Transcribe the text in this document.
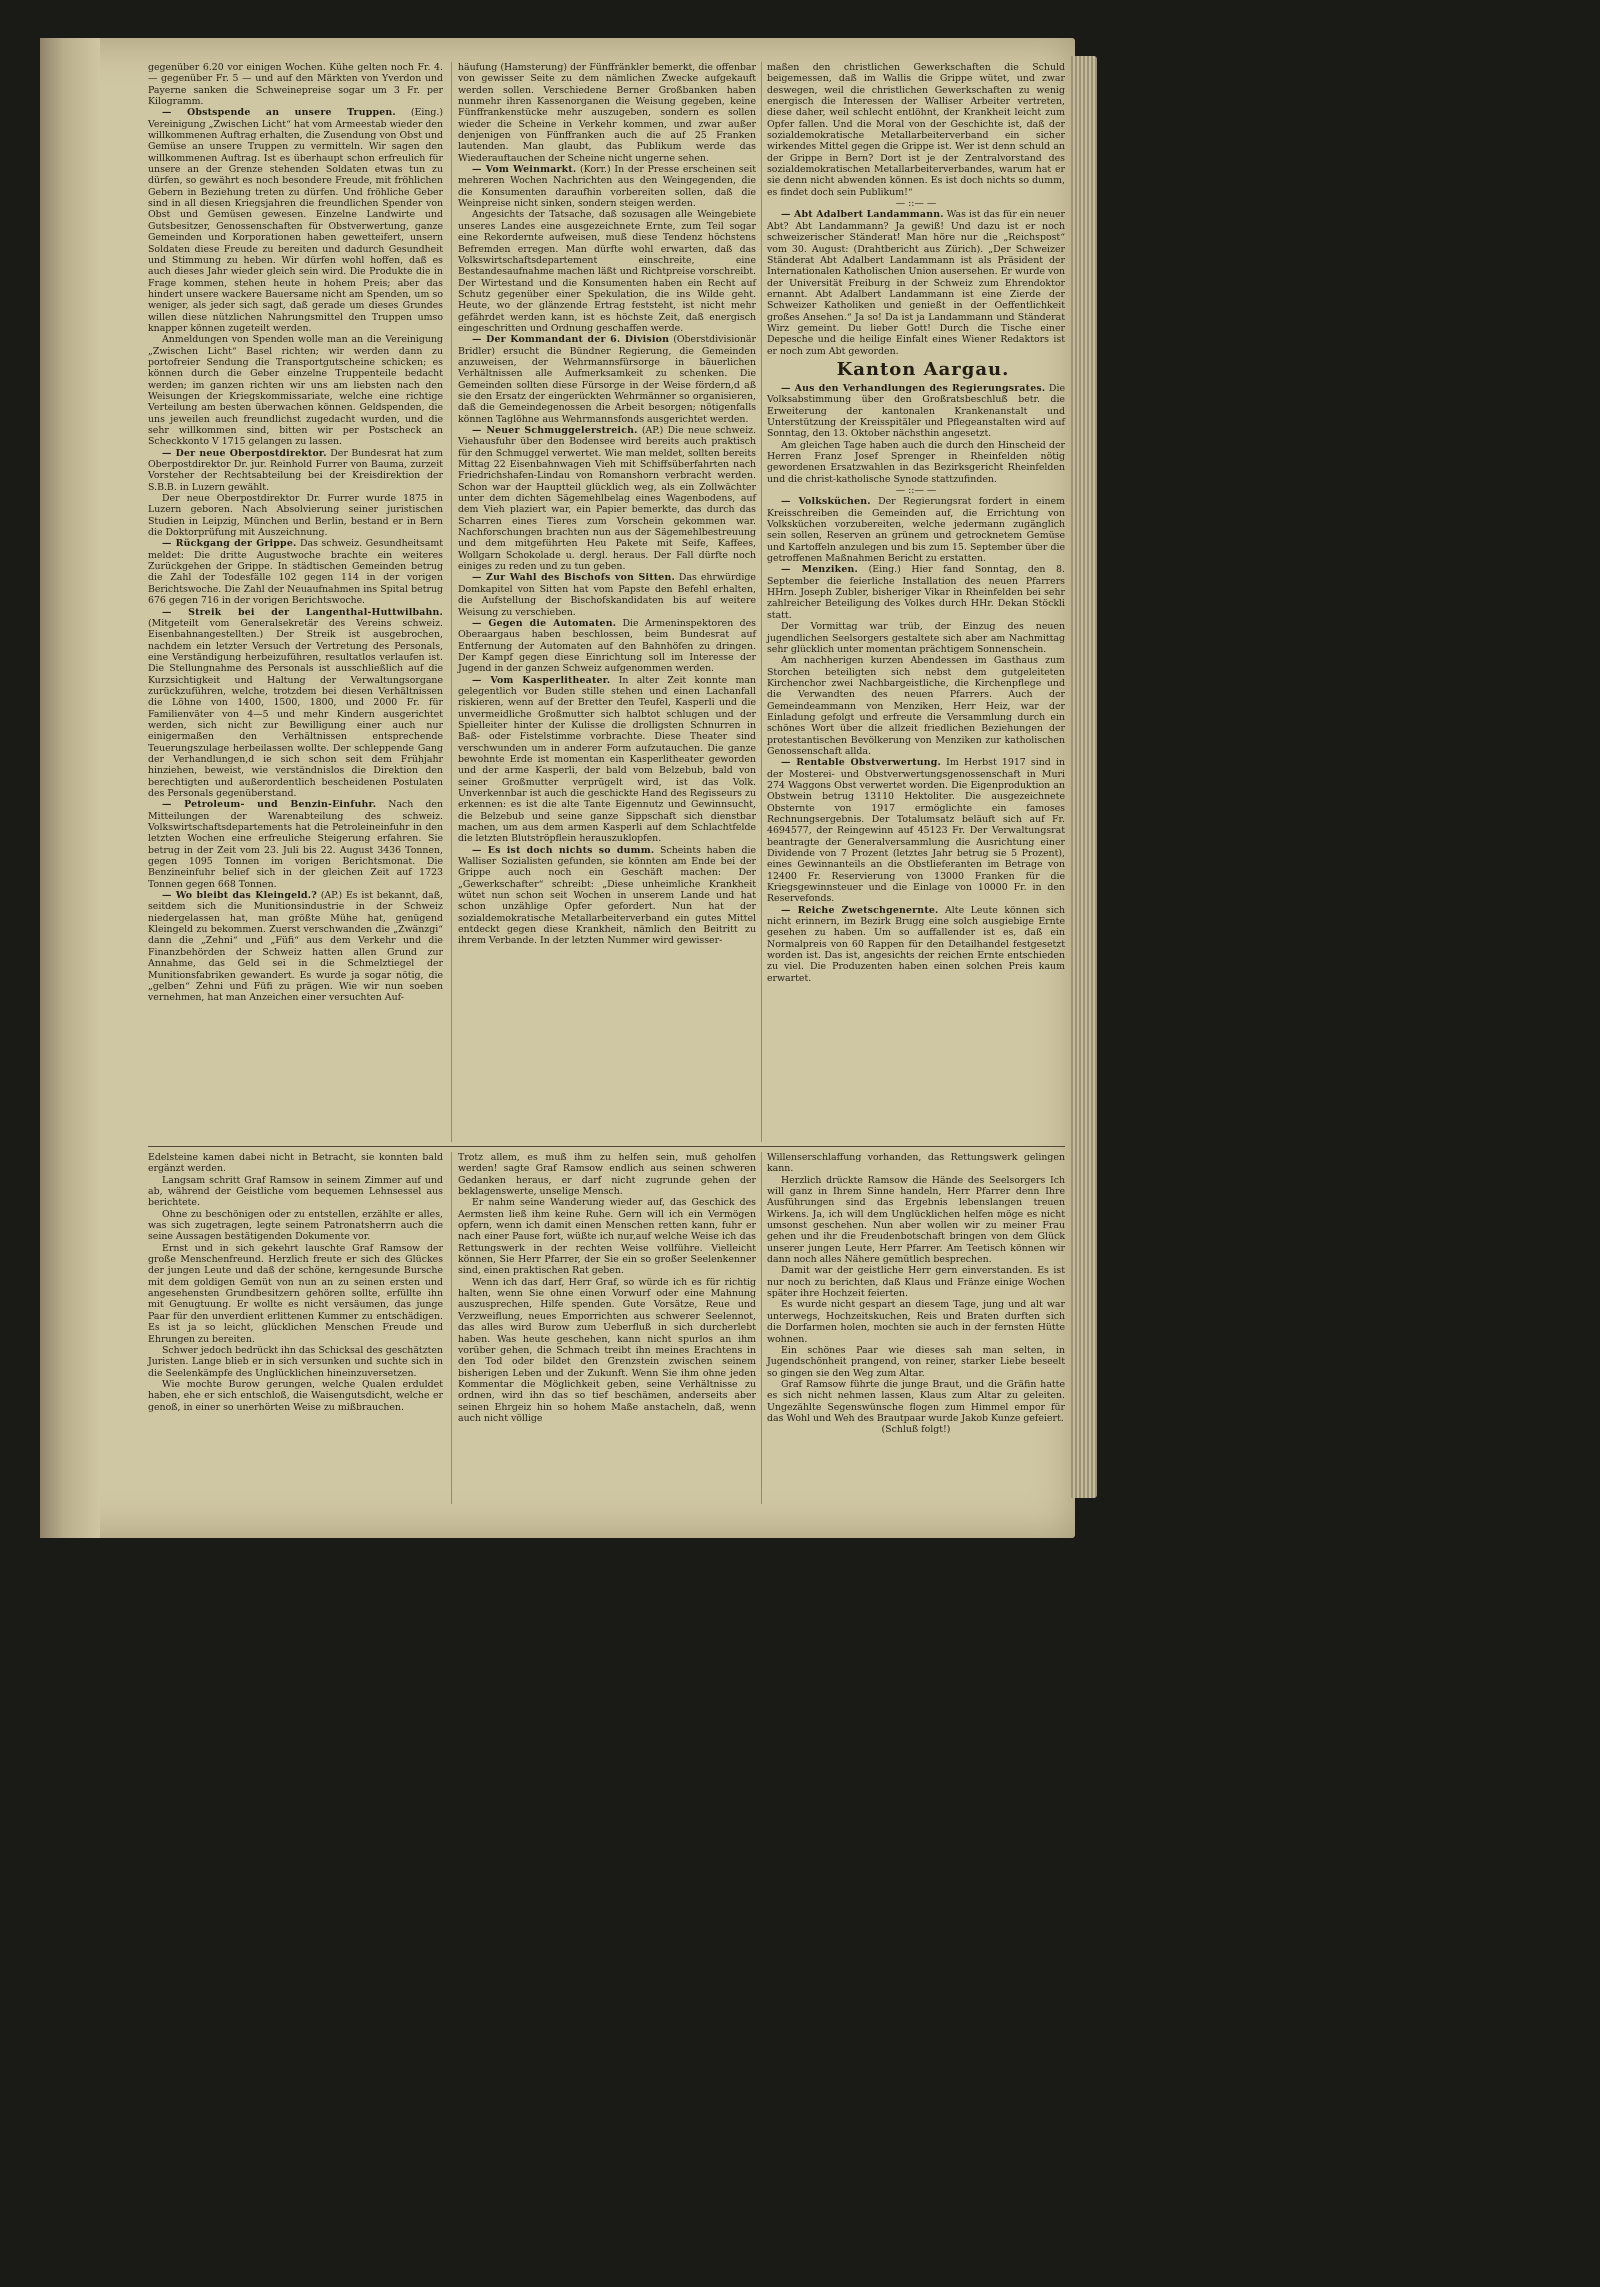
gegenüber 6.20 vor einigen Wochen. Kühe gelten noch Fr. 4.— gegenüber Fr. 5 — und auf den Märkten von Yverdon und Payerne sanken die Schweinepreise sogar um 3 Fr. per Kilogramm.

— Obstspende an unsere Truppen. (Eing.) Vereinigung „Zwischen Licht“ hat vom Armeestab wieder den willkommenen Auftrag erhalten, die Zusendung von Obst und Gemüse an unsere Truppen zu vermitteln. Wir sagen den willkommenen Auftrag. Ist es überhaupt schon erfreulich für unsere an der Grenze stehenden Soldaten etwas tun zu dürfen, so gewährt es noch besondere Freude, mit fröhlichen Gebern in Beziehung treten zu dürfen. Und fröhliche Geber sind in all diesen Kriegsjahren die freundlichen Spender von Obst und Gemüsen gewesen. Einzelne Landwirte und Gutsbesitzer, Genossenschaften für Obstverwertung, ganze Gemeinden und Korporationen haben gewetteifert, unsern Soldaten diese Freude zu bereiten und dadurch Gesundheit und Stimmung zu heben. Wir dürfen wohl hoffen, daß es auch dieses Jahr wieder gleich sein wird. Die Produkte die in Frage kommen, stehen heute in hohem Preis; aber das hindert unsere wackere Bauersame nicht am Spenden, um so weniger, als jeder sich sagt, daß gerade um dieses Grundes willen diese nützlichen Nahrungsmittel den Truppen umso knapper können zugeteilt werden.

Anmeldungen von Spenden wolle man an die Vereinigung „Zwischen Licht“ Basel richten; wir werden dann zu portofreier Sendung die Transportgutscheine schicken; es können durch die Geber einzelne Truppenteile bedacht werden; im ganzen richten wir uns am liebsten nach den Weisungen der Kriegskommissariate, welche eine richtige Verteilung am besten überwachen können. Geldspenden, die uns jeweilen auch freundlichst zugedacht wurden, und die sehr willkommen sind, bitten wir per Postscheck an Scheckkonto V 1715 gelangen zu lassen.

— Der neue Oberpostdirektor. Der Bundesrat hat zum Oberpostdirektor Dr. jur. Reinhold Furrer von Bauma, zurzeit Vorsteher der Rechtsabteilung bei der Kreisdirektion der S.B.B. in Luzern gewählt.

Der neue Oberpostdirektor Dr. Furrer wurde 1875 in Luzern geboren. Nach Absolvierung seiner juristischen Studien in Leipzig, München und Berlin, bestand er in Bern die Doktorprüfung mit Auszeichnung.

— Rückgang der Grippe. Das schweiz. Gesundheitsamt meldet: Die dritte Augustwoche brachte ein weiteres Zurückgehen der Grippe. In städtischen Gemeinden betrug die Zahl der Todesfälle 102 gegen 114 in der vorigen Berichtswoche. Die Zahl der Neuaufnahmen ins Spital betrug 676 gegen 716 in der vorigen Berichtswoche.

— Streik bei der Langenthal-Huttwilbahn. (Mitgeteilt vom Generalsekretär des Vereins schweiz. Eisenbahnangestellten.) Der Streik ist ausgebrochen, nachdem ein letzter Versuch der Vertretung des Personals, eine Verständigung herbeizuführen, resultatlos verlaufen ist. Die Stellungnahme des Personals ist ausschließlich auf die Kurzsichtigkeit und Haltung der Verwaltungsorgane zurückzuführen, welche, trotzdem bei diesen Verhältnissen die Löhne von 1400, 1500, 1800, und 2000 Fr. für Familienväter von 4—5 und mehr Kindern ausgerichtet werden, sich nicht zur Bewilligung einer auch nur einigermaßen den Verhältnissen entsprechende Teuerungszulage herbeilassen wollte. Der schleppende Gang der Verhandlungen,d ie sich schon seit dem Frühjahr hinziehen, beweist, wie verständnislos die Direktion den berechtigten und außerordentlich bescheidenen Postulaten des Personals gegenüberstand.

— Petroleum- und Benzin-Einfuhr. Nach den Mitteilungen der Warenabteilung des schweiz. Volkswirtschaftsdepartements hat die Petroleineinfuhr in den letzten Wochen eine erfreuliche Steigerung erfahren. Sie betrug in der Zeit vom 23. Juli bis 22. August 3436 Tonnen, gegen 1095 Tonnen im vorigen Berichtsmonat. Die Benzineinfuhr belief sich in der gleichen Zeit auf 1723 Tonnen gegen 668 Tonnen.

— Wo bleibt das Kleingeld.? (AP.) Es ist bekannt, daß, seitdem sich die Munitionsindustrie in der Schweiz niedergelassen hat, man größte Mühe hat, genügend Kleingeld zu bekommen. Zuerst verschwanden die „Zwänzgi“ dann die „Zehni“ und „Füfi“ aus dem Verkehr und die Finanzbehörden der Schweiz hatten allen Grund zur Annahme, das Geld sei in die Schmelztiegel der Munitionsfabriken gewandert. Es wurde ja sogar nötig, die „gelben“ Zehni und Füfi zu prägen. Wie wir nun soeben vernehmen, hat man Anzeichen einer versuchten Auf-

häufung (Hamsterung) der Fünffränkler bemerkt, die offenbar von gewisser Seite zu dem nämlichen Zwecke aufgekauft werden sollen. Verschiedene Berner Großbanken haben nunmehr ihren Kassenorganen die Weisung gegeben, keine Fünffrankenstücke mehr auszugeben, sondern es sollen wieder die Scheine in Verkehr kommen, und zwar außer denjenigen von Fünffranken auch die auf 25 Franken lautenden. Man glaubt, das Publikum werde das Wiederauftauchen der Scheine nicht ungerne sehen.

— Vom Weinmarkt. (Korr.) In der Presse erscheinen seit mehreren Wochen Nachrichten aus den Weingegenden, die die Konsumenten daraufhin vorbereiten sollen, daß die Weinpreise nicht sinken, sondern steigen werden.

Angesichts der Tatsache, daß sozusagen alle Weingebiete unseres Landes eine ausgezeichnete Ernte, zum Teil sogar eine Rekordernte aufweisen, muß diese Tendenz höchstens Befremden erregen. Man dürfte wohl erwarten, daß das Volkswirtschaftsdepartement einschreite, eine Bestandesaufnahme machen läßt und Richtpreise vorschreibt. Der Wirtestand und die Konsumenten haben ein Recht auf Schutz gegenüber einer Spekulation, die ins Wilde geht. Heute, wo der glänzende Ertrag feststeht, ist nicht mehr gefährdet werden kann, ist es höchste Zeit, daß energisch eingeschritten und Ordnung geschaffen werde.

— Der Kommandant der 6. Division (Oberstdivisionär Bridler) ersucht die Bündner Regierung, die Gemeinden anzuweisen, der Wehrmannsfürsorge in bäuerlichen Verhältnissen alle Aufmerksamkeit zu schenken. Die Gemeinden sollten diese Fürsorge in der Weise fördern,d aß sie den Ersatz der eingerückten Wehrmänner so organisieren, daß die Gemeindegenossen die Arbeit besorgen; nötigenfalls können Taglöhne aus Wehrmannsfonds ausgerichtet werden.

— Neuer Schmuggelerstreich. (AP.) Die neue schweiz. Viehausfuhr über den Bodensee wird bereits auch praktisch für den Schmuggel verwertet. Wie man meldet, sollten bereits Mittag 22 Eisenbahnwagen Vieh mit Schiffsüberfahrten nach Friedrichshafen-Lindau von Romanshorn verbracht werden. Schon war der Hauptteil glücklich weg, als ein Zollwächter unter dem dichten Sägemehlbelag eines Wagenbodens, auf dem Vieh plaziert war, ein Papier bemerkte, das durch das Scharren eines Tieres zum Vorschein gekommen war. Nachforschungen brachten nun aus der Sägemehlbestreuung und dem mitgeführten Heu Pakete mit Seife, Kaffees, Wollgarn Schokolade u. dergl. heraus. Der Fall dürfte noch einiges zu reden und zu tun geben.

— Zur Wahl des Bischofs von Sitten. Das ehrwürdige Domkapitel von Sitten hat vom Papste den Befehl erhalten, die Aufstellung der Bischofskandidaten bis auf weitere Weisung zu verschieben.

— Gegen die Automaten. Die Armeninspektoren des Oberaargaus haben beschlossen, beim Bundesrat auf Entfernung der Automaten auf den Bahnhöfen zu dringen. Der Kampf gegen diese Einrichtung soll im Interesse der Jugend in der ganzen Schweiz aufgenommen werden.

— Vom Kasperlitheater. In alter Zeit konnte man gelegentlich vor Buden stille stehen und einen Lachanfall riskieren, wenn auf der Bretter den Teufel, Kasperli und die unvermeidliche Großmutter sich halbtot schlugen und der Spielleiter hinter der Kulisse die drolligsten Schnurren in Baß- oder Fistelstimme vorbrachte. Diese Theater sind verschwunden um in anderer Form aufzutauchen. Die ganze bewohnte Erde ist momentan ein Kasperlitheater geworden und der arme Kasperli, der bald vom Belzebub, bald von seiner Großmutter verprügelt wird, ist das Volk. Unverkennbar ist auch die geschickte Hand des Regisseurs zu erkennen: es ist die alte Tante Eigennutz und Gewinnsucht, die Belzebub und seine ganze Sippschaft sich dienstbar machen, um aus dem armen Kasperli auf dem Schlachtfelde die letzten Blutströpflein herauszuklopfen.

— Es ist doch nichts so dumm. Scheints haben die Walliser Sozialisten gefunden, sie könnten am Ende bei der Grippe auch noch ein Geschäft machen: Der „Gewerkschafter“ schreibt: „Diese unheimliche Krankheit wütet nun schon seit Wochen in unserem Lande und hat schon unzählige Opfer gefordert. Nun hat der sozialdemokratische Metallarbeiterverband ein gutes Mittel entdeckt gegen diese Krankheit, nämlich den Beitritt zu ihrem Verbande. In der letzten Nummer wird gewisser-

maßen den christlichen Gewerkschaften die Schuld beigemessen, daß im Wallis die Grippe wütet, und zwar deswegen, weil die christlichen Gewerkschaften zu wenig energisch die Interessen der Walliser Arbeiter vertreten, diese daher, weil schlecht entlöhnt, der Krankheit leicht zum Opfer fallen. Und die Moral von der Geschichte ist, daß der sozialdemokratische Metallarbeiterverband ein sicher wirkendes Mittel gegen die Grippe ist. Wer ist denn schuld an der Grippe in Bern? Dort ist je der Zentralvorstand des sozialdemokratischen Metallarbeiterverbandes, warum hat er sie denn nicht abwenden können. Es ist doch nichts so dumm, es findet doch sein Publikum!“

— ::— —

— Abt Adalbert Landammann. Was ist das für ein neuer Abt? Abt Landammann? Ja gewiß! Und dazu ist er noch schweizerischer Ständerat! Man höre nur die „Reichspost“ vom 30. August: (Drahtbericht aus Zürich). „Der Schweizer Ständerat Abt Adalbert Landammann ist als Präsident der Internationalen Katholischen Union ausersehen. Er wurde von der Universität Freiburg in der Schweiz zum Ehrendoktor ernannt. Abt Adalbert Landammann ist eine Zierde der Schweizer Katholiken und genießt in der Oeffentlichkeit großes Ansehen.“ Ja so! Da ist ja Landammann und Ständerat Wirz gemeint. Du lieber Gott! Durch die Tische einer Depesche und die heilige Einfalt eines Wiener Redaktors ist er noch zum Abt geworden.

Kanton Aargau.

— Aus den Verhandlungen des Regierungsrates. Die Volksabstimmung über den Großratsbeschluß betr. die Erweiterung der kantonalen Krankenanstalt und Unterstützung der Kreisspitäler und Pflegeanstalten wird auf Sonntag, den 13. Oktober nächsthin angesetzt.

Am gleichen Tage haben auch die durch den Hinscheid der Herren Franz Josef Sprenger in Rheinfelden nötig gewordenen Ersatzwahlen in das Bezirksgericht Rheinfelden und die christ-katholische Synode stattzufinden.

— ::— —

— Volksküchen. Der Regierungsrat fordert in einem Kreisschreiben die Gemeinden auf, die Errichtung von Volksküchen vorzubereiten, welche jedermann zugänglich sein sollen, Reserven an grünem und getrocknetem Gemüse und Kartoffeln anzulegen und bis zum 15. September über die getroffenen Maßnahmen Bericht zu erstatten.

— Menziken. (Eing.) Hier fand Sonntag, den 8. September die feierliche Installation des neuen Pfarrers HHrn. Joseph Zubler, bisheriger Vikar in Rheinfelden bei sehr zahlreicher Beteiligung des Volkes durch HHr. Dekan Stöckli statt.

Der Vormittag war trüb, der Einzug des neuen jugendlichen Seelsorgers gestaltete sich aber am Nachmittag sehr glücklich unter momentan prächtigem Sonnenschein.

Am nachherigen kurzen Abendessen im Gasthaus zum Storchen beteiligten sich nebst dem gutgeleiteten Kirchenchor zwei Nachbargeistliche, die Kirchenpflege und die Verwandten des neuen Pfarrers. Auch der Gemeindeammann von Menziken, Herr Heiz, war der Einladung gefolgt und erfreute die Versammlung durch ein schönes Wort über die allzeit friedlichen Beziehungen der protestantischen Bevölkerung von Menziken zur katholischen Genossenschaft allda.

— Rentable Obstverwertung. Im Herbst 1917 sind in der Mosterei- und Obstverwertungsgenossenschaft in Muri 274 Waggons Obst verwertet worden. Die Eigenproduktion an Obstwein betrug 13110 Hektoliter. Die ausgezeichnete Obsternte von 1917 ermöglichte ein famoses Rechnungsergebnis. Der Totalumsatz beläuft sich auf Fr. 4694577, der Reingewinn auf 45123 Fr. Der Verwaltungsrat beantragte der Generalversammlung die Ausrichtung einer Dividende von 7 Prozent (letztes Jahr betrug sie 5 Prozent), eines Gewinnanteils an die Obstlieferanten im Betrage von 12400 Fr. Reservierung von 13000 Franken für die Kriegsgewinnsteuer und die Einlage von 10000 Fr. in den Reservefonds.

— Reiche Zwetschgenernte. Alte Leute können sich nicht erinnern, im Bezirk Brugg eine solch ausgiebige Ernte gesehen zu haben. Um so auffallender ist es, daß ein Normalpreis von 60 Rappen für den Detailhandel festgesetzt worden ist. Das ist, angesichts der reichen Ernte entschieden zu viel. Die Produzenten haben einen solchen Preis kaum erwartet.

Edelsteine kamen dabei nicht in Betracht, sie konnten bald ergänzt werden.

Langsam schritt Graf Ramsow in seinem Zimmer auf und ab, während der Geistliche vom bequemen Lehnsessel aus berichtete.

Ohne zu beschönigen oder zu entstellen, erzählte er alles, was sich zugetragen, legte seinem Patronatsherrn auch die seine Aussagen bestätigenden Dokumente vor.

Ernst und in sich gekehrt lauschte Graf Ramsow der große Menschenfreund. Herzlich freute er sich des Glückes der jungen Leute und daß der schöne, kerngesunde Bursche mit dem goldigen Gemüt von nun an zu seinen ersten und angesehensten Grundbesitzern gehören sollte, erfüllte ihn mit Genugtuung. Er wollte es nicht versäumen, das junge Paar für den unverdient erlittenen Kummer zu entschädigen. Es ist ja so leicht, glücklichen Menschen Freude und Ehrungen zu bereiten.

Schwer jedoch bedrückt ihn das Schicksal des geschätzten Juristen. Lange blieb er in sich versunken und suchte sich in die Seelenkämpfe des Unglücklichen hineinzuversetzen.

Wie mochte Burow gerungen, welche Qualen erduldet haben, ehe er sich entschloß, die Waisengutsdicht, welche er genoß, in einer so unerhörten Weise zu mißbrauchen.

Trotz allem, es muß ihm zu helfen sein, muß geholfen werden! sagte Graf Ramsow endlich aus seinen schweren Gedanken heraus, er darf nicht zugrunde gehen der beklagenswerte, unselige Mensch.

Er nahm seine Wanderung wieder auf, das Geschick des Aermsten ließ ihm keine Ruhe. Gern will ich ein Vermögen opfern, wenn ich damit einen Menschen retten kann, fuhr er nach einer Pause fort, wüßte ich nur,auf welche Weise ich das Rettungswerk in der rechten Weise vollführe. Vielleicht können, Sie Herr Pfarrer, der Sie ein so großer Seelenkenner sind, einen praktischen Rat geben.

Wenn ich das darf, Herr Graf, so würde ich es für richtig halten, wenn Sie ohne einen Vorwurf oder eine Mahnung auszusprechen, Hilfe spenden. Gute Vorsätze, Reue und Verzweiflung, neues Emporrichten aus schwerer Seelennot, das alles wird Burow zum Ueberfluß in sich durcherlebt haben. Was heute geschehen, kann nicht spurlos an ihm vorüber gehen, die Schmach treibt ihn meines Erachtens in den Tod oder bildet den Grenzstein zwischen seinem bisherigen Leben und der Zukunft. Wenn Sie ihm ohne jeden Kommentar die Möglichkeit geben, seine Verhältnisse zu ordnen, wird ihn das so tief beschämen, anderseits aber seinen Ehrgeiz hin so hohem Maße anstacheln, daß, wenn auch nicht völlige

Willenserschlaffung vorhanden, das Rettungswerk gelingen kann.

Herzlich drückte Ramsow die Hände des Seelsorgers Ich will ganz in Ihrem Sinne handeln, Herr Pfarrer denn Ihre Ausführungen sind das Ergebnis lebenslangen treuen Wirkens. Ja, ich will dem Unglücklichen helfen möge es nicht umsonst geschehen. Nun aber wollen wir zu meiner Frau gehen und ihr die Freudenbotschaft bringen von dem Glück unserer jungen Leute, Herr Pfarrer. Am Teetisch können wir dann noch alles Nähere gemütlich besprechen.

Damit war der geistliche Herr gern einverstanden. Es ist nur noch zu berichten, daß Klaus und Fränze einige Wochen später ihre Hochzeit feierten.

Es wurde nicht gespart an diesem Tage, jung und alt war unterwegs, Hochzeitskuchen, Reis und Braten durften sich die Dorfarmen holen, mochten sie auch in der fernsten Hütte wohnen.

Ein schönes Paar wie dieses sah man selten, in Jugendschönheit prangend, von reiner, starker Liebe beseelt so gingen sie den Weg zum Altar.

Graf Ramsow führte die junge Braut, und die Gräfin hatte es sich nicht nehmen lassen, Klaus zum Altar zu geleiten. Ungezählte Segenswünsche flogen zum Himmel empor für das Wohl und Weh des Brautpaar wurde Jakob Kunze gefeiert.

(Schluß folgt!)
